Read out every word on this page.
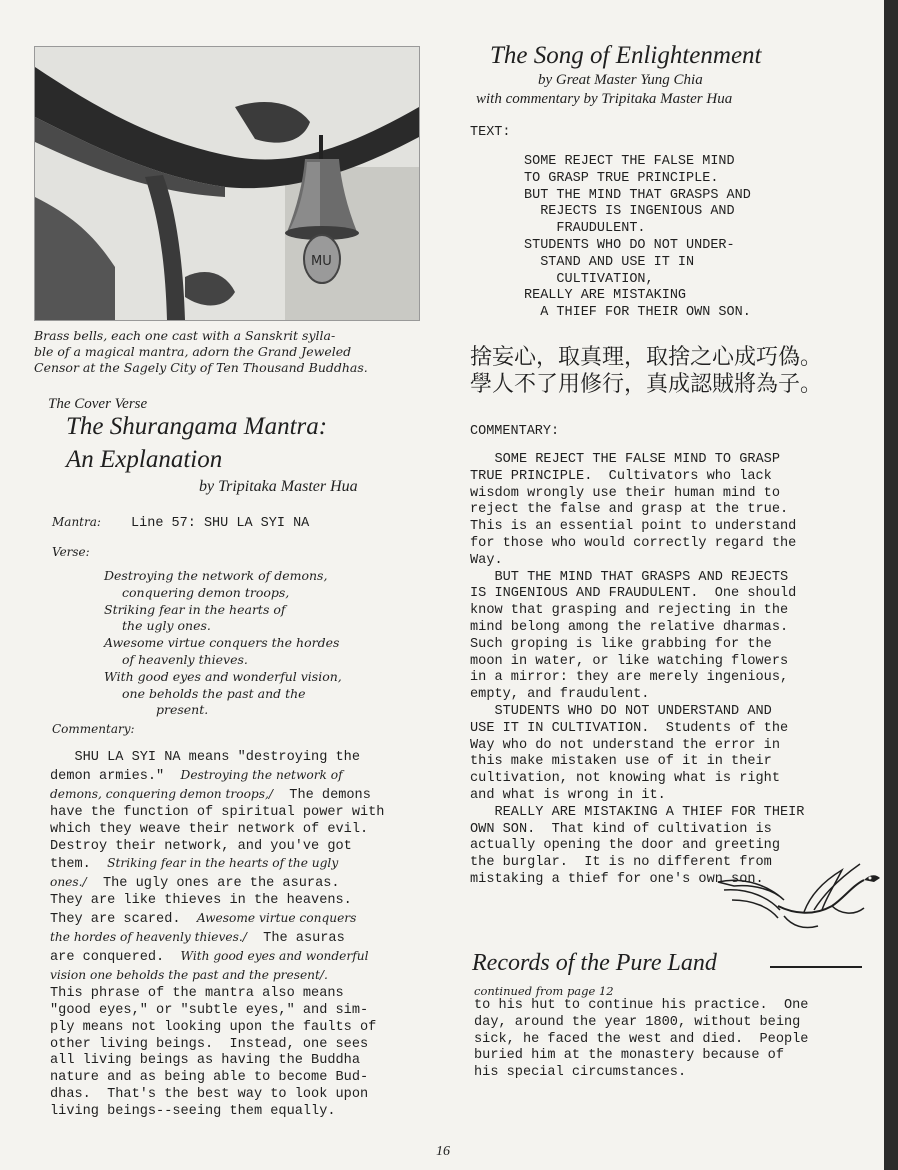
MU
Brass bells, each one cast with a Sanskrit sylla-
ble of a magical mantra, adorn the Grand Jeweled
Censor at the Sagely City of Ten Thousand Buddhas.
The Cover Verse
The Shurangama Mantra:
An Explanation
by Tripitaka Master Hua
Mantra: Line 57: SHU LA SYI NA
Verse:
Destroying the network of demons,
conquering demon troops,
Striking fear in the hearts of
the ugly ones.
Awesome virtue conquers the hordes
of heavenly thieves.
With good eyes and wonderful vision,
one beholds the past and the
present.
Commentary:
SHU LA SYI NA means "destroying the
demon armies." Destroying the network of
demons, conquering demon troops,/ The demons
have the function of spiritual power with
which they weave their network of evil.
Destroy their network, and you've got
them. Striking fear in the hearts of the ugly
ones./ The ugly ones are the asuras.
They are like thieves in the heavens.
They are scared. Awesome virtue conquers
the hordes of heavenly thieves./ The asuras
are conquered. With good eyes and wonderful
vision one beholds the past and the present/.
This phrase of the mantra also means
"good eyes," or "subtle eyes," and sim-
ply means not looking upon the faults of
other living beings.  Instead, one sees
all living beings as having the Buddha
nature and as being able to become Bud-
dhas.  That's the best way to look upon
living beings--seeing them equally.
The Song of Enlightenment
by Great Master Yung Chia
with commentary by Tripitaka Master Hua
TEXT:
SOME REJECT THE FALSE MIND
TO GRASP TRUE PRINCIPLE.
BUT THE MIND THAT GRASPS AND
REJECTS IS INGENIOUS AND
FRAUDULENT.
STUDENTS WHO DO NOT UNDER-
STAND AND USE IT IN
CULTIVATION,
REALLY ARE MISTAKING
A THIEF FOR THEIR OWN SON.
捨妄心，取真理，取捨之心成巧偽。
學人不了用修行，真成認賊將為子。
COMMENTARY:
SOME REJECT THE FALSE MIND TO GRASP
TRUE PRINCIPLE.  Cultivators who lack
wisdom wrongly use their human mind to
reject the false and grasp at the true.
This is an essential point to understand
for those who would correctly regard the
Way.
BUT THE MIND THAT GRASPS AND REJECTS
IS INGENIOUS AND FRAUDULENT.  One should
know that grasping and rejecting in the
mind belong among the relative dharmas.
Such groping is like grabbing for the
moon in water, or like watching flowers
in a mirror: they are merely ingenious,
empty, and fraudulent.
STUDENTS WHO DO NOT UNDERSTAND AND
USE IT IN CULTIVATION.  Students of the
Way who do not understand the error in
this make mistaken use of it in their
cultivation, not knowing what is right
and what is wrong in it.
REALLY ARE MISTAKING A THIEF FOR THEIR
OWN SON.  That kind of cultivation is
actually opening the door and greeting
the burglar.  It is no different from
mistaking a thief for one's own son.
Records of the Pure Land
continued from page 12
to his hut to continue his practice.  One
day, around the year 1800, without being
sick, he faced the west and died.  People
buried him at the monastery because of
his special circumstances.
16
